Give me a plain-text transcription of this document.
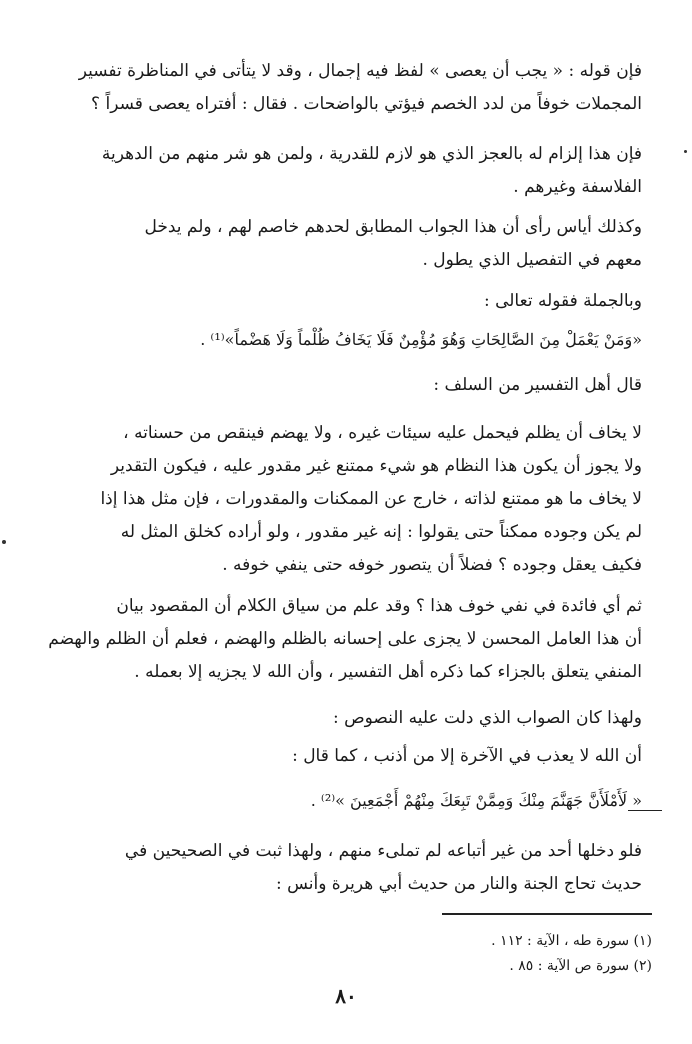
فإن قوله : « يجب أن يعصى » لفظ فيه إجمال ، وقد لا يتأتى في المناظرة تفسير
المجملات خوفاً من لدد الخصم فيؤتي بالواضحات . فقال : أفتراه يعصى قسراً ؟
فإن هذا إلزام له بالعجز الذي هو لازم للقدرية ، ولمن هو شر منهم من الدهرية
الفلاسفة وغيرهم .
وكذلك أياس رأى أن هذا الجواب المطابق لحدهم خاصم لهم ، ولم يدخل
معهم في التفصيل الذي يطول .
وبالجملة فقوله تعالى :
«وَمَنْ يَعْمَلْ مِنَ الصَّالِحَاتِ وَهُوَ مُؤْمِنٌ فَلَا يَخَافُ ظُلْماً وَلَا هَضْماً»⁽¹⁾ .
قال أهل التفسير من السلف :
لا يخاف أن يظلم فيحمل عليه سيئات غيره ، ولا يهضم فينقص من حسناته ،
ولا يجوز أن يكون هذا النظام هو شيء ممتنع غير مقدور عليه ، فيكون التقدير
لا يخاف ما هو ممتنع لذاته ، خارج عن الممكنات والمقدورات ، فإن مثل هذا إذا
لم يكن وجوده ممكناً حتى يقولوا : إنه غير مقدور ، ولو أراده كخلق المثل له
فكيف يعقل وجوده ؟ فضلاً أن يتصور خوفه حتى ينفي خوفه .
ثم أي فائدة في نفي خوف هذا ؟ وقد علم من سياق الكلام أن المقصود بيان
أن هذا العامل المحسن لا يجزى على إحسانه بالظلم والهضم ، فعلم أن الظلم والهضم
المنفي يتعلق بالجزاء كما ذكره أهل التفسير ، وأن الله لا يجزيه إلا بعمله .
ولهذا كان الصواب الذي دلت عليه النصوص :
أن الله لا يعذب في الآخرة إلا من أذنب ، كما قال :
« لَأَمْلَأَنَّ جَهَنَّمَ مِنْكَ وَمِمَّنْ تَبِعَكَ مِنْهُمْ أَجْمَعِينَ »⁽²⁾ .
فلو دخلها أحد من غير أتباعه لم تملىء منهم ، ولهذا ثبت في الصحيحين في
حديث تحاج الجنة والنار من حديث أبي هريرة وأنس :
(١) سورة طه ، الآية : ١١٢ .
(٢) سورة ص الآية : ٨٥ .
٨٠
